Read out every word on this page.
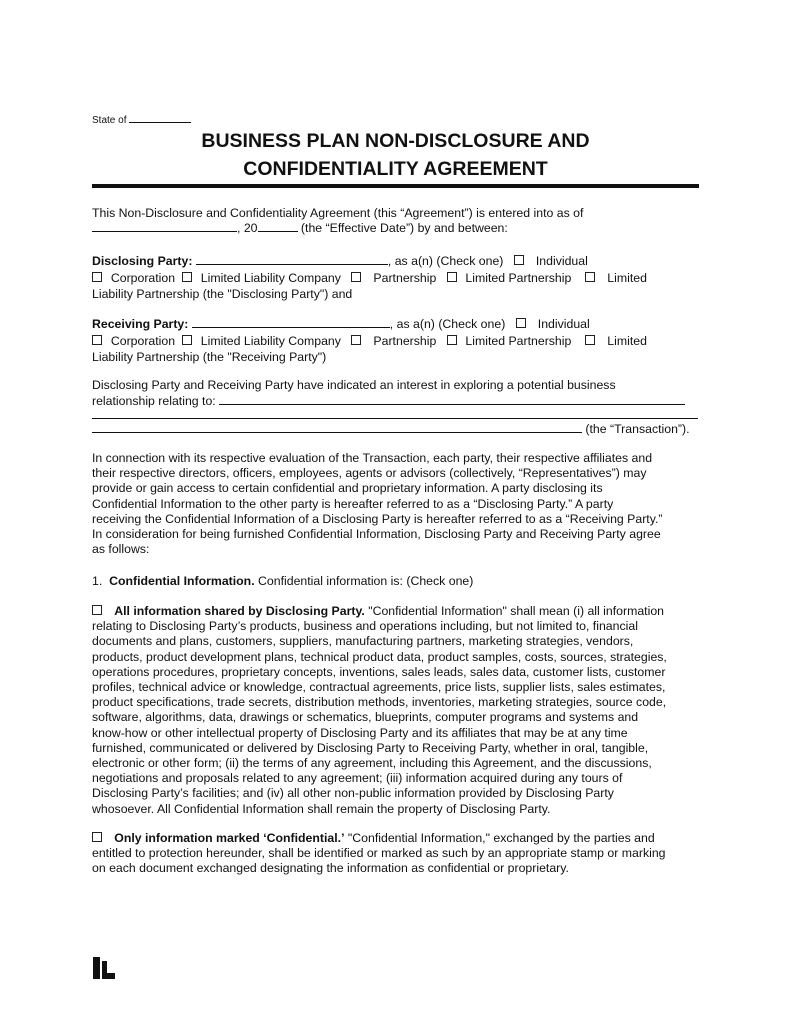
State of
BUSINESS PLAN NON-DISCLOSURE AND
CONFIDENTIALITY AGREEMENT
This Non-Disclosure and Confidentiality Agreement (this “Agreement”) is entered into as of
, 20	(the “Effective Date”) by and between:
Disclosing Party:	, as a(n) (Check one)	Individual
Corporation Limited Liability Company	Partnership Limited Partnership	Limited
Liability Partnership (the "Disclosing Party") and
Receiving Party:	, as a(n) (Check one)	Individual
Corporation Limited Liability Company	Partnership Limited Partnership	Limited
Liability Partnership (the "Receiving Party")
Disclosing Party and Receiving Party have indicated an interest in exploring a potential business
relationship relating to:
(the “Transaction”).
In connection with its respective evaluation of the Transaction, each party, their respective affiliates and
their respective directors, officers, employees, agents or advisors (collectively, “Representatives”) may
provide or gain access to certain confidential and proprietary information. A party disclosing its
Confidential Information to the other party is hereafter referred to as a “Disclosing Party.” A party
receiving the Confidential Information of a Disclosing Party is hereafter referred to as a “Receiving Party.”
In consideration for being furnished Confidential Information, Disclosing Party and Receiving Party agree
as follows:
1. Confidential Information. Confidential information is: (Check one)
All information shared by Disclosing Party. "Confidential Information" shall mean (i) all information
relating to Disclosing Party’s products, business and operations including, but not limited to, financial
documents and plans, customers, suppliers, manufacturing partners, marketing strategies, vendors,
products, product development plans, technical product data, product samples, costs, sources, strategies,
operations procedures, proprietary concepts, inventions, sales leads, sales data, customer lists, customer
profiles, technical advice or knowledge, contractual agreements, price lists, supplier lists, sales estimates,
product specifications, trade secrets, distribution methods, inventories, marketing strategies, source code,
software, algorithms, data, drawings or schematics, blueprints, computer programs and systems and
know-how or other intellectual property of Disclosing Party and its affiliates that may be at any time
furnished, communicated or delivered by Disclosing Party to Receiving Party, whether in oral, tangible,
electronic or other form; (ii) the terms of any agreement, including this Agreement, and the discussions,
negotiations and proposals related to any agreement; (iii) information acquired during any tours of
Disclosing Party’s facilities; and (iv) all other non-public information provided by Disclosing Party
whosoever. All Confidential Information shall remain the property of Disclosing Party.
Only information marked ‘Confidential.’ "Confidential Information," exchanged by the parties and
entitled to protection hereunder, shall be identified or marked as such by an appropriate stamp or marking
on each document exchanged designating the information as confidential or proprietary.
